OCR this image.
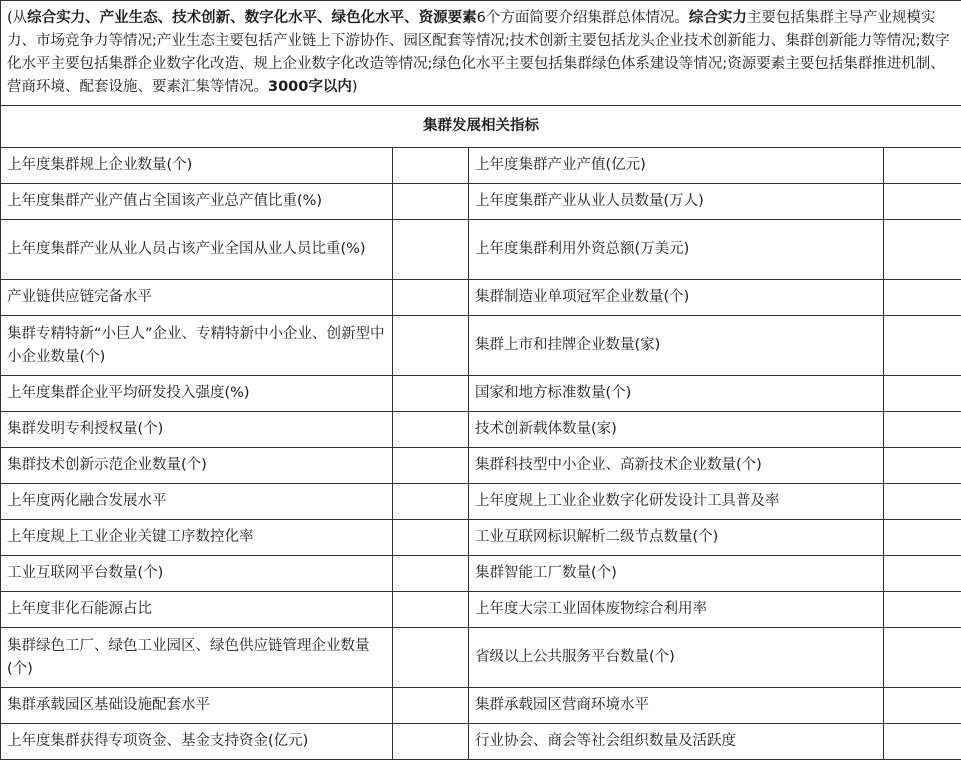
(从综合实力、产业生态、技术创新、数字化水平、绿色化水平、资源要素6个方面简要介绍集群总体情况。综合实力主要包括集群主导产业规模实力、市场竞争力等情况;产业生态主要包括产业链上下游协作、园区配套等情况;技术创新主要包括龙头企业技术创新能力、集群创新能力等情况;数字化水平主要包括集群企业数字化改造、规上企业数字化改造等情况;绿色化水平主要包括集群绿色体系建设等情况;资源要素主要包括集群推进机制、营商环境、配套设施、要素汇集等情况。3000字以内)			
集群发展相关指标			
上年度集群规上企业数量(个)		上年度集群产业产值(亿元)	
上年度集群产业产值占全国该产业总产值比重(%)		上年度集群产业从业人员数量(万人)	
上年度集群产业从业人员占该产业全国从业人员比重(%)		上年度集群利用外资总额(万美元)	
产业链供应链完备水平		集群制造业单项冠军企业数量(个)	
集群专精特新“小巨人”企业、专精特新中小企业、创新型中小企业数量(个)		集群上市和挂牌企业数量(家)	
上年度集群企业平均研发投入强度(%)		国家和地方标准数量(个)	
集群发明专利授权量(个)		技术创新载体数量(家)	
集群技术创新示范企业数量(个)		集群科技型中小企业、高新技术企业数量(个)	
上年度两化融合发展水平		上年度规上工业企业数字化研发设计工具普及率	
上年度规上工业企业关键工序数控化率		工业互联网标识解析二级节点数量(个)	
工业互联网平台数量(个)		集群智能工厂数量(个)	
上年度非化石能源占比		上年度大宗工业固体废物综合利用率	
集群绿色工厂、绿色工业园区、绿色供应链管理企业数量(个)		省级以上公共服务平台数量(个)	
集群承载园区基础设施配套水平		集群承载园区营商环境水平	
上年度集群获得专项资金、基金支持资金(亿元)		行业协会、商会等社会组织数量及活跃度	
